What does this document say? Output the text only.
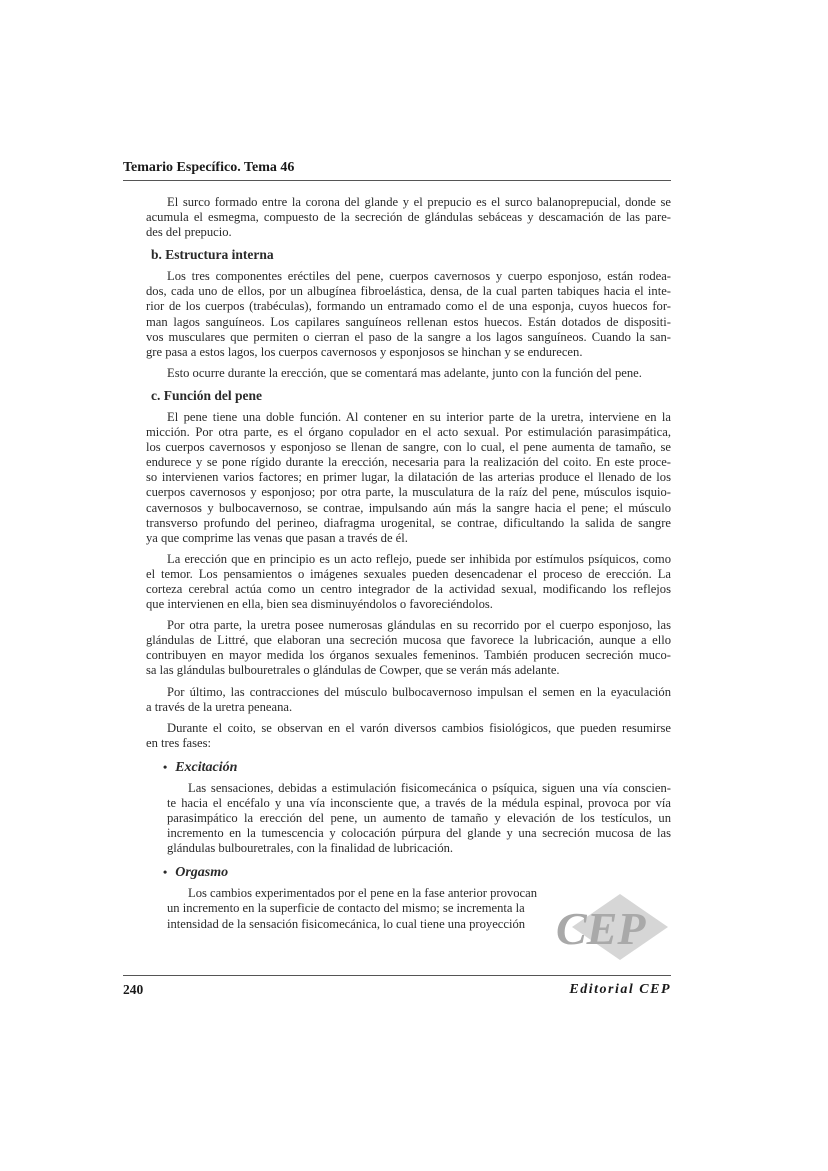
Temario Específico. Tema 46
El surco formado entre la corona del glande y el prepucio es el surco balanoprepucial, donde se
acumula el esmegma, compuesto de la secreción de glándulas sebáceas y descamación de las pare-
des del prepucio.
b. Estructura interna
Los tres componentes eréctiles del pene, cuerpos cavernosos y cuerpo esponjoso, están rodea-
dos, cada uno de ellos, por un albugínea fibroelástica, densa, de la cual parten tabiques hacia el inte-
rior de los cuerpos (trabéculas), formando un entramado como el de una esponja, cuyos huecos for-
man lagos sanguíneos. Los capilares sanguíneos rellenan estos huecos. Están dotados de dispositi-
vos musculares que permiten o cierran el paso de la sangre a los lagos sanguíneos. Cuando la san-
gre pasa a estos lagos, los cuerpos cavernosos y esponjosos se hinchan y se endurecen.
Esto ocurre durante la erección, que se comentará mas adelante, junto con la función del pene.
c. Función del pene
El pene tiene una doble función. Al contener en su interior parte de la uretra, interviene en la
micción. Por otra parte, es el órgano copulador en el acto sexual. Por estimulación parasimpática,
los cuerpos cavernosos y esponjoso se llenan de sangre, con lo cual, el pene aumenta de tamaño, se
endurece y se pone rígido durante la erección, necesaria para la realización del coito. En este proce-
so intervienen varios factores; en primer lugar, la dilatación de las arterias produce el llenado de los
cuerpos cavernosos y esponjoso; por otra parte, la musculatura de la raíz del pene, músculos isquio-
cavernosos y bulbocavernoso, se contrae, impulsando aún más la sangre hacia el pene; el músculo
transverso profundo del perineo, diafragma urogenital, se contrae, dificultando la salida de sangre
ya que comprime las venas que pasan a través de él.
La erección que en principio es un acto reflejo, puede ser inhibida por estímulos psíquicos, como
el temor. Los pensamientos o imágenes sexuales pueden desencadenar el proceso de erección. La
corteza cerebral actúa como un centro integrador de la actividad sexual, modificando los reflejos
que intervienen en ella, bien sea disminuyéndolos o favoreciéndolos.
Por otra parte, la uretra posee numerosas glándulas en su recorrido por el cuerpo esponjoso, las
glándulas de Littré, que elaboran una secreción mucosa que favorece la lubricación, aunque a ello
contribuyen en mayor medida los órganos sexuales femeninos. También producen secreción muco-
sa las glándulas bulbouretrales o glándulas de Cowper, que se verán más adelante.
Por último, las contracciones del músculo bulbocavernoso impulsan el semen en la eyaculación
a través de la uretra peneana.
Durante el coito, se observan en el varón diversos cambios fisiológicos, que pueden resumirse
en tres fases:
• Excitación
Las sensaciones, debidas a estimulación fisicomecánica o psíquica, siguen una vía conscien-
te hacia el encéfalo y una vía inconsciente que, a través de la médula espinal, provoca por vía
parasimpático la erección del pene, un aumento de tamaño y elevación de los testículos, un
incremento en la tumescencia y colocación púrpura del glande y una secreción mucosa de las
glándulas bulbouretrales, con la finalidad de lubricación.
• Orgasmo
Los cambios experimentados por el pene en la fase anterior provocan
un incremento en la superficie de contacto del mismo; se incrementa la
intensidad de la sensación fisicomecánica, lo cual tiene una proyección CEP
240	Editorial CEP
